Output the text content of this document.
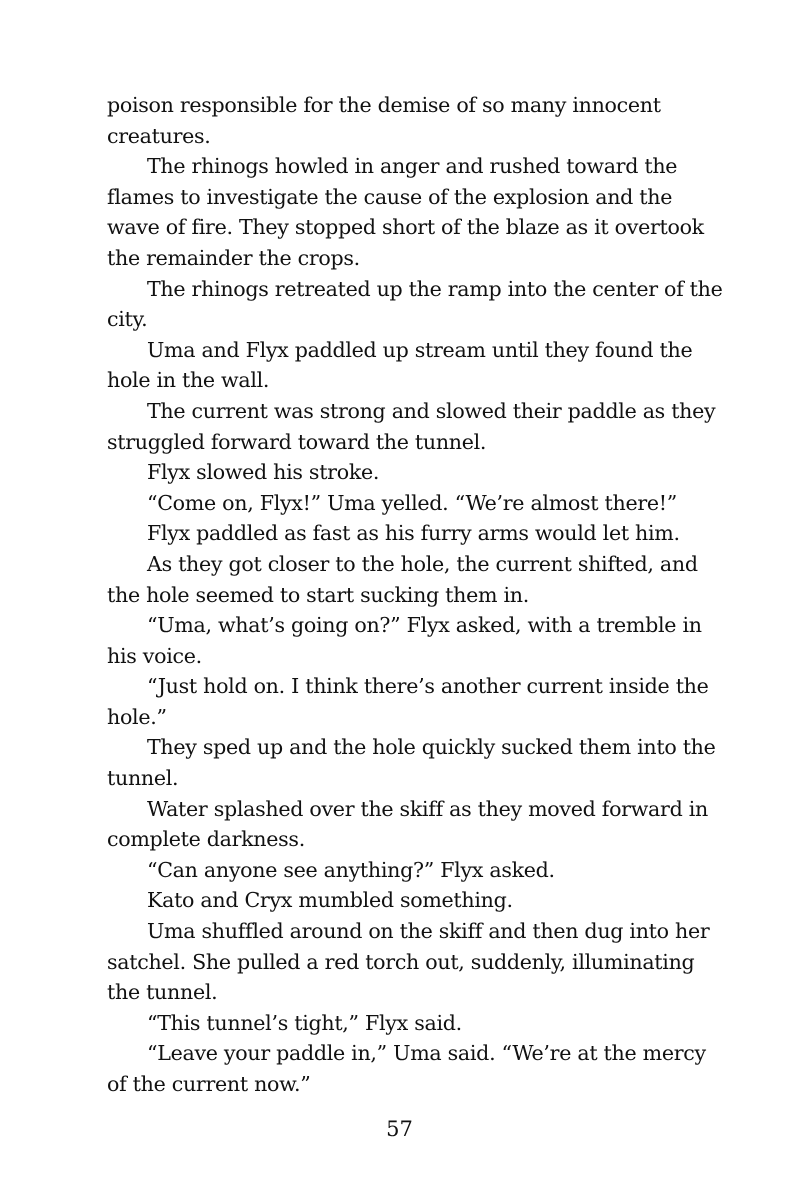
poison responsible for the demise of so many innocent creatures.

The rhinogs howled in anger and rushed toward the flames to investigate the cause of the explosion and the wave of fire. They stopped short of the blaze as it overtook the remainder the crops.

The rhinogs retreated up the ramp into the center of the city.

Uma and Flyx paddled up stream until they found the hole in the wall.

The current was strong and slowed their paddle as they struggled forward toward the tunnel.

Flyx slowed his stroke.

“Come on, Flyx!” Uma yelled. “We’re almost there!”

Flyx paddled as fast as his furry arms would let him.

As they got closer to the hole, the current shifted, and the hole seemed to start sucking them in.

“Uma, what’s going on?” Flyx asked, with a tremble in his voice.

“Just hold on. I think there’s another current inside the hole.”

They sped up and the hole quickly sucked them into the tunnel.

Water splashed over the skiff as they moved forward in complete darkness.

“Can anyone see anything?” Flyx asked.

Kato and Cryx mumbled something.

Uma shuffled around on the skiff and then dug into her satchel. She pulled a red torch out, suddenly, illuminating the tunnel.

“This tunnel’s tight,” Flyx said.

“Leave your paddle in,” Uma said. “We’re at the mercy of the current now.”

57
